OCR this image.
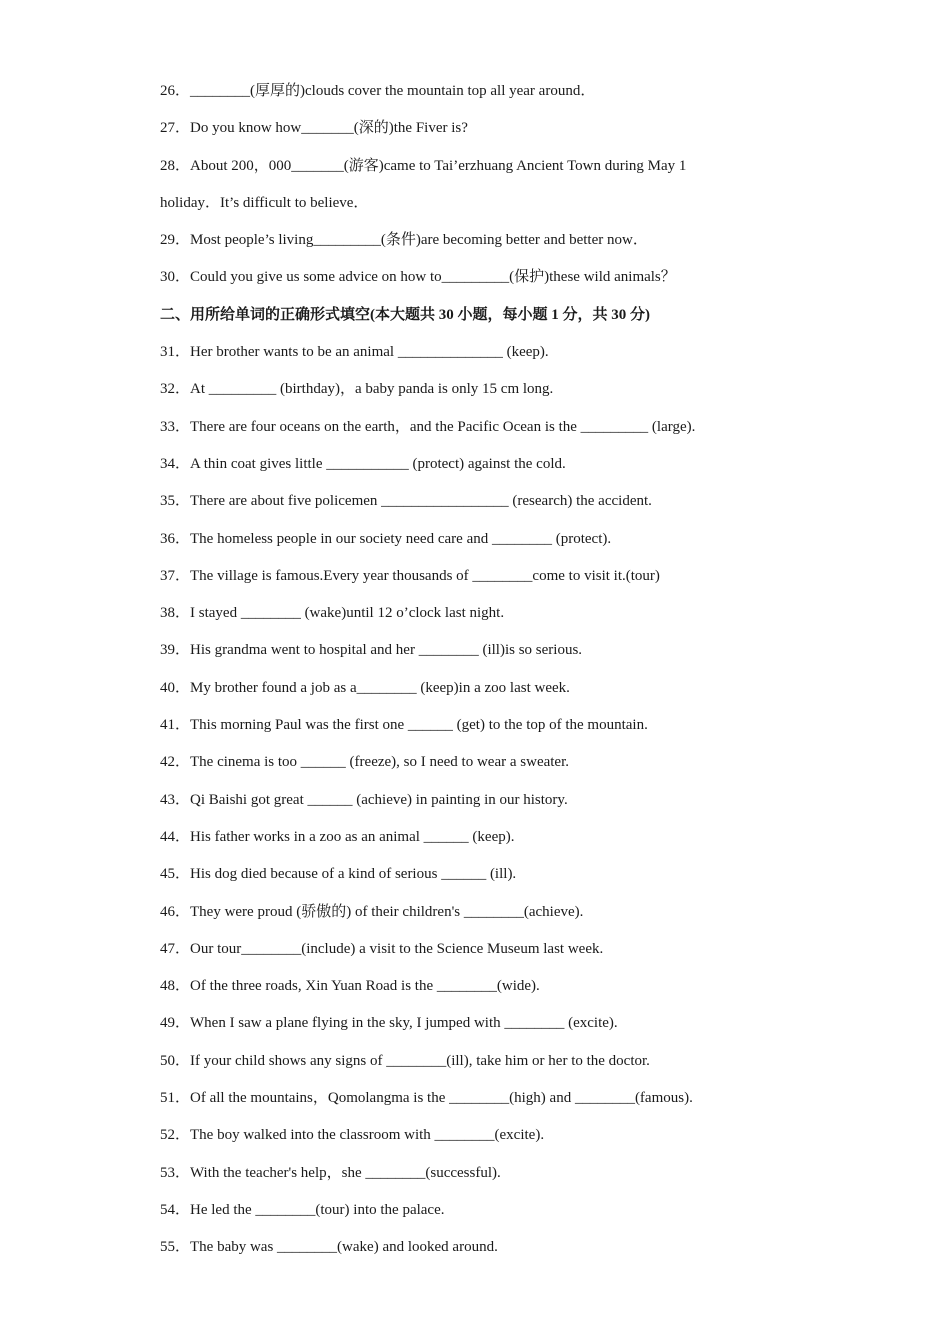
26．________(厚厚的)clouds cover the mountain top all year around．
27．Do you know how_______(深的)the Fiver is?
28．About 200，000_______(游客)came to Tai’erzhuang Ancient Town during May 1
holiday．It’s difficult to believe．
29．Most people’s living_________(条件)are becoming better and better now．
30．Could you give us some advice on how to_________(保护)these wild animals？
二、用所给单词的正确形式填空(本大题共 30 小题，每小题 1 分，共 30 分)
31．Her brother wants to be an animal ______________ (keep).
32．At _________ (birthday)，a baby panda is only 15 cm long.
33．There are four oceans on the earth，and the Pacific Ocean is the _________ (large).
34．A thin coat gives little ___________ (protect) against the cold.
35．There are about five policemen _________________ (research) the accident.
36．The homeless people in our society need care and ________ (protect).
37．The village is famous.Every year thousands of ________come to visit it.(tour)
38．I stayed ________ (wake)until 12 o’clock last night.
39．His grandma went to hospital and her ________ (ill)is so serious.
40．My brother found a job as a________ (keep)in a zoo last week.
41．This morning Paul was the first one ______ (get) to the top of the mountain.
42．The cinema is too ______ (freeze), so I need to wear a sweater.
43．Qi Baishi got great ______ (achieve) in painting in our history.
44．His father works in a zoo as an animal ______ (keep).
45．His dog died because of a kind of serious ______ (ill).
46．They were proud (骄傲的) of their children's ________(achieve).
47．Our tour________(include) a visit to the Science Museum last week.
48．Of the three roads, Xin Yuan Road is the ________(wide).
49．When I saw a plane flying in the sky, I jumped with ________ (excite).
50．If your child shows any signs of ________(ill), take him or her to the doctor.
51．Of all the mountains，Qomolangma is the ________(high) and ________(famous).
52．The boy walked into the classroom with ________(excite).
53．With the teacher's help，she ________(successful).
54．He led the ________(tour) into the palace.
55．The baby was ________(wake) and looked around.
